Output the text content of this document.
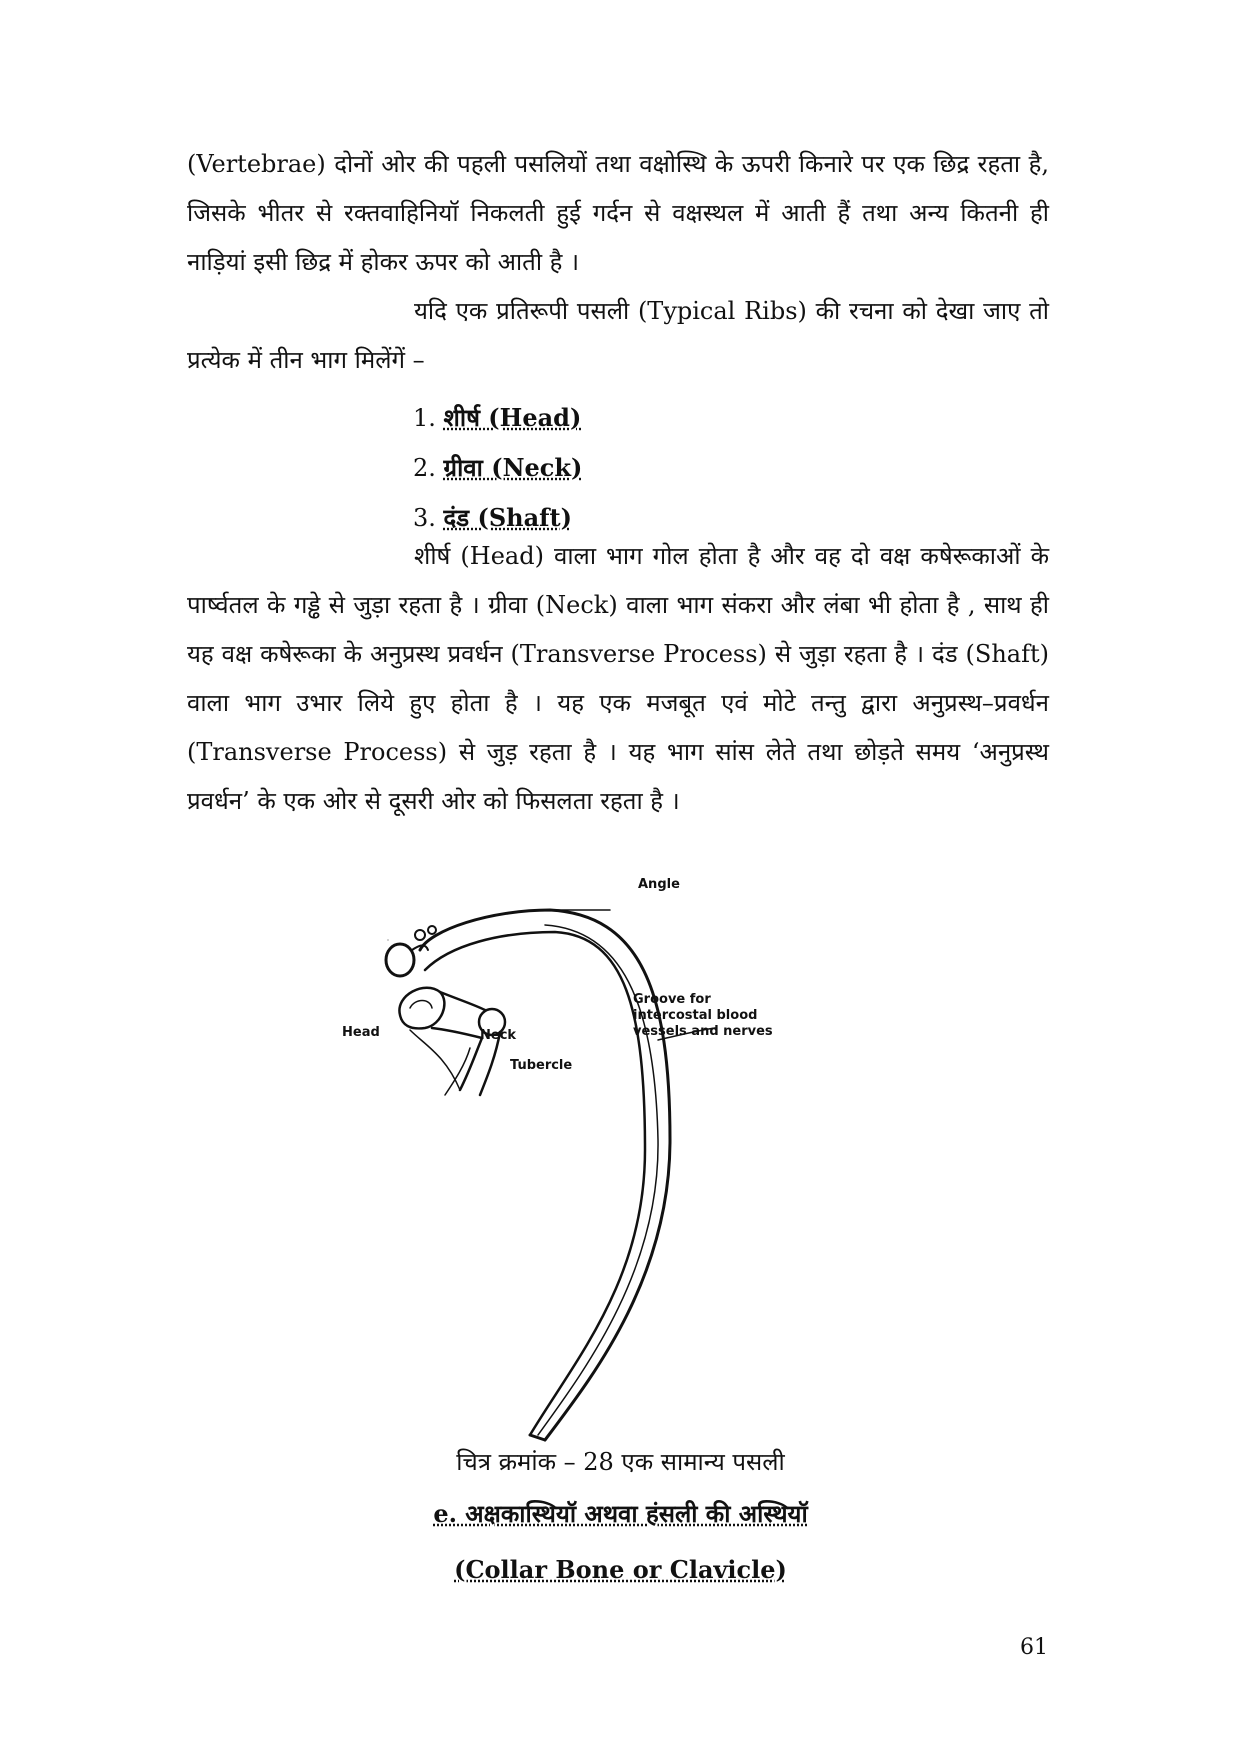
(Vertebrae) दोनों ओर की पहली पसलियों तथा वक्षोस्थि के ऊपरी किनारे पर एक छिद्र रहता है, जिसके भीतर से रक्तवाहिनियॉ निकलती हुई गर्दन से वक्षस्थल में आती हैं तथा अन्य कितनी ही नाड़ियां इसी छिद्र में होकर ऊपर को आती है ।
यदि एक प्रतिरूपी पसली (Typical Ribs) की रचना को देखा जाए तो प्रत्येक में तीन भाग मिलेंगें –
1. शीर्ष (Head)
2. ग्रीवा (Neck)
3. दंड (Shaft)
शीर्ष (Head) वाला भाग गोल होता है और वह दो वक्ष कषेरूकाओं के पार्ष्वतल के गड्ढे से जुड़ा रहता है । ग्रीवा (Neck) वाला भाग संकरा और लंबा भी होता है , साथ ही यह वक्ष कषेरूका के अनुप्रस्थ प्रवर्धन (Transverse Process) से जुड़ा रहता है । दंड (Shaft) वाला भाग उभार लिये हुए होता है । यह एक मजबूत एवं मोटे तन्तु द्वारा अनुप्रस्थ–प्रवर्धन (Transverse Process) से जुड़ रहता है । यह भाग सांस लेते तथा छोड़ते समय ‘अनुप्रस्थ प्रवर्धन’ के एक ओर से दूसरी ओर को फिसलता रहता है ।
Angle
Groove for
intercostal blood
vessels and nerves
Head	Neck
Tubercle
चित्र क्रमांक – 28 एक सामान्य पसली
e. अक्षकास्थियॉ अथवा हंसली की अस्थियॉ
(Collar Bone or Clavicle)
61
